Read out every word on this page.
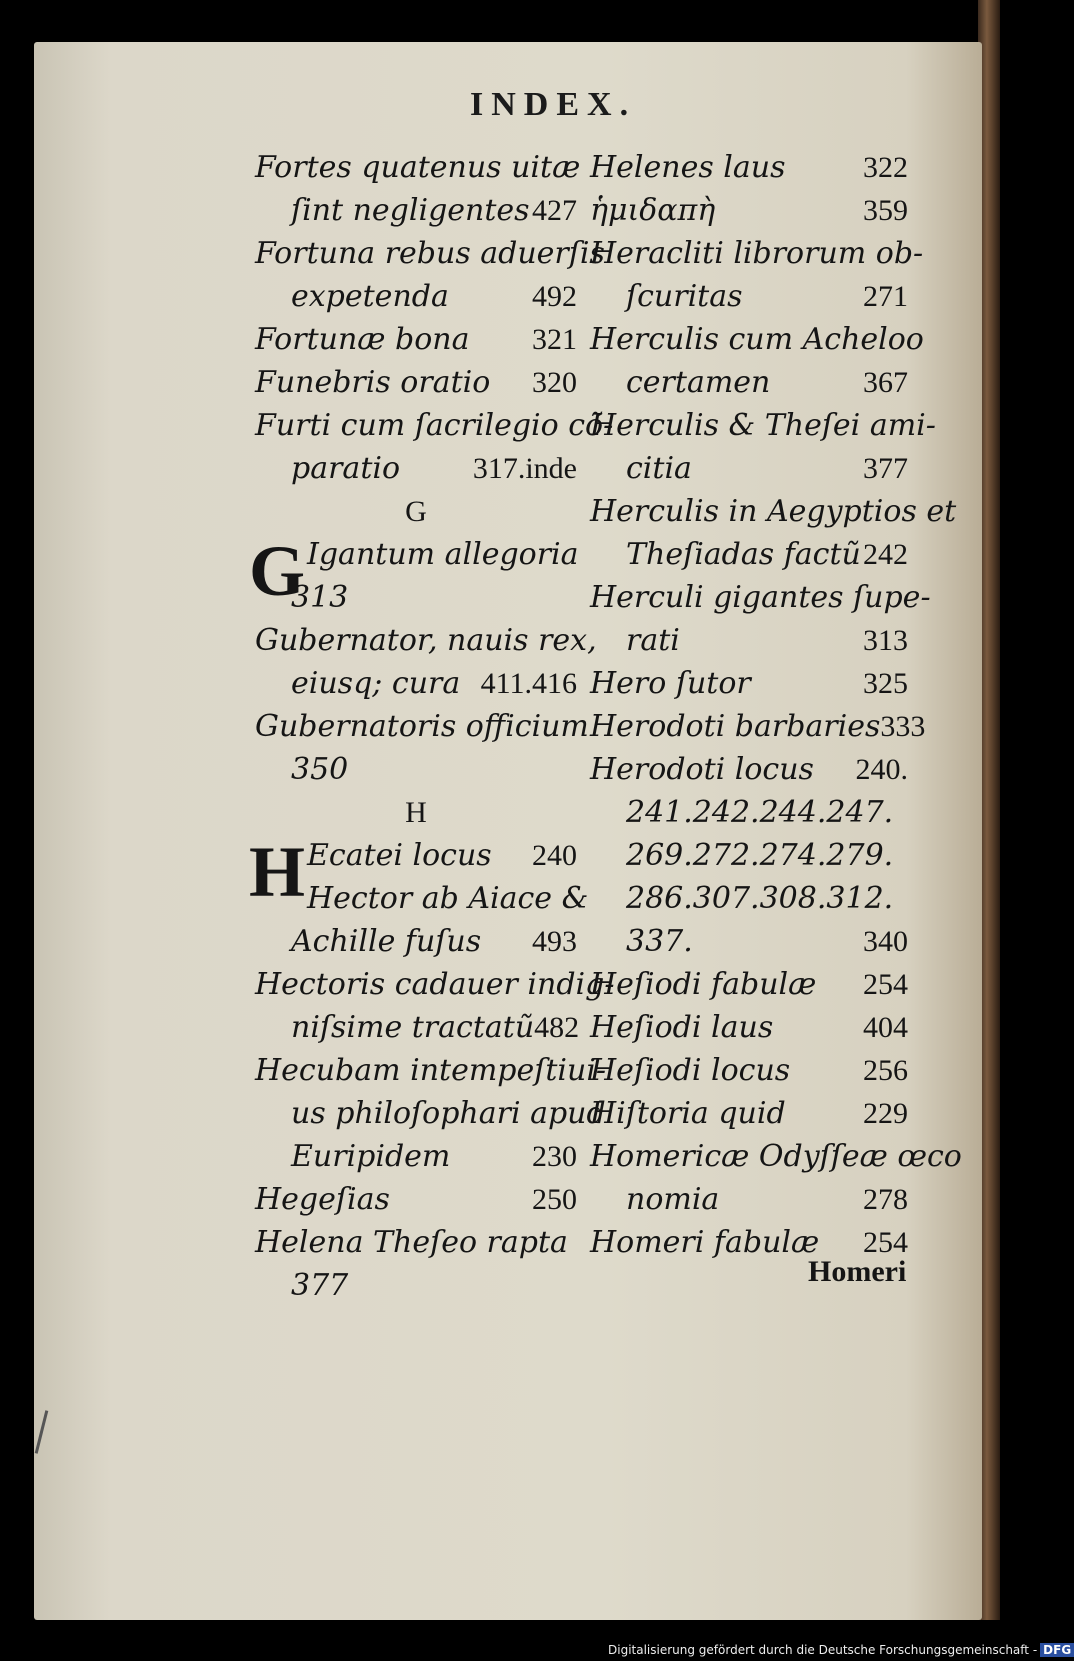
INDEX.
Fortes quatenus uitæ
ſint negligentes 427
Fortuna rebus aduerſis
expetenda	492
Fortunæ bona 321
Funebris oratio 320
Furti cum ſacrilegio cõ-
paratio 317.inde
G
G Igantum allegoria
313
Gubernator, nauis rex,
eiusq; cura 411.416
Gubernatoris officium
350
H
H Ecatei locus 240
Hector ab Aiace &
Achille fuſus 493
Hectoris cadauer indig-
niſsime tractatũ 482
Hecubam intempeſtiui-
us philoſophari apud
Euripidem	230
Hegeſias	250
Helena Theſeo rapta
377
Helenes laus	322
ἡμιδαπὴ	359
Heracliti librorum ob-
ſcuritas	271
Herculis cum Acheloo
certamen	367
Herculis & Theſei ami-
citia	377
Herculis in Aegyptios et
Theſiadas factũ 242
Herculi gigantes ſupe-
rati	313
Hero ſutor	325
Herodoti barbaries 333
Herodoti locus 240.
241.242.244.247.
269.272.274.279.
286.307.308.312.
337.	340
Heſiodi fabulæ 254
Heſiodi laus	404
Heſiodi locus 256
Hiſtoria quid	229
Homericæ Odyſſeæ œco
nomia	278
Homeri fabulæ 254
Homeri
Digitalisierung gefördert durch die Deutsche Forschungsgemeinschaft - DFG
